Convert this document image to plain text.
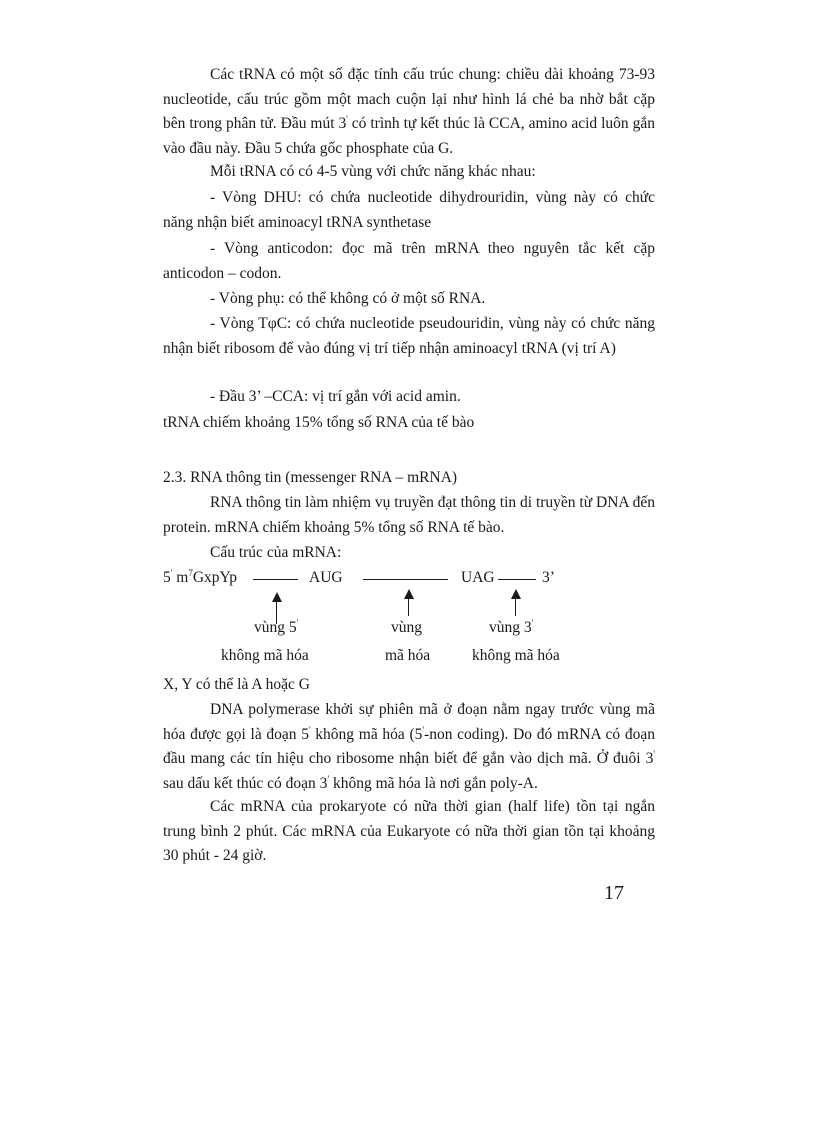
Các tRNA có một số đặc tính cấu trúc chung: chiều dài khoảng 73-93 nucleotide, cấu trúc gồm một mach cuộn lại như hình lá chẻ ba nhờ bắt cặp bên trong phân tử. Đầu mút 3' có trình tự kết thúc là CCA, amino acid luôn gắn vào đầu này. Đầu 5 chứa gốc phosphate của G.

Mỗi tRNA có có 4-5 vùng với chức năng khác nhau:

- Vòng DHU: có chứa nucleotide dihydrouridin, vùng này có chức năng nhận biết aminoacyl tRNA synthetase

- Vòng anticodon: đọc mã trên mRNA theo nguyên tắc kết cặp anticodon – codon.

- Vòng phụ: có thể không có ở một số RNA.

- Vòng TφC: có chứa nucleotide pseudouridin, vùng này có chức năng nhận biết ribosom để vào đúng vị trí tiếp nhận aminoacyl tRNA (vị trí A)

- Đầu 3’ –CCA: vị trí gắn với acid amin.

tRNA chiếm khoảng 15% tổng số RNA của tế bào

2.3. RNA thông tin (messenger RNA – mRNA)

RNA thông tin làm nhiệm vụ truyền đạt thông tin di truyền từ DNA đến protein. mRNA chiếm khoảng 5% tổng số RNA tế bào.

Cấu trúc của mRNA:

5' $m^7GxpYp$	AUG	UAG	3’
vùng 5'
không mã hóa
vùng
mã hóa
vùng 3'
không mã hóa

X, Y có thể là A hoặc G

DNA polymerase khởi sự phiên mã ở đoạn nằm ngay trước vùng mã hóa được gọi là đoạn 5' không mã hóa (5'-non coding). Do đó mRNA có đoạn đầu mang các tín hiệu cho ribosome nhận biết để gắn vào dịch mã. Ở đuôi 3' sau dấu kết thúc có đoạn 3' không mã hóa là nơi gắn poly-A.

Các mRNA của prokaryote có nữa thời gian (half life) tồn tại ngắn trung bình 2 phút. Các mRNA của Eukaryote có nữa thời gian tồn tại khoảng 30 phút - 24 giờ.

17
